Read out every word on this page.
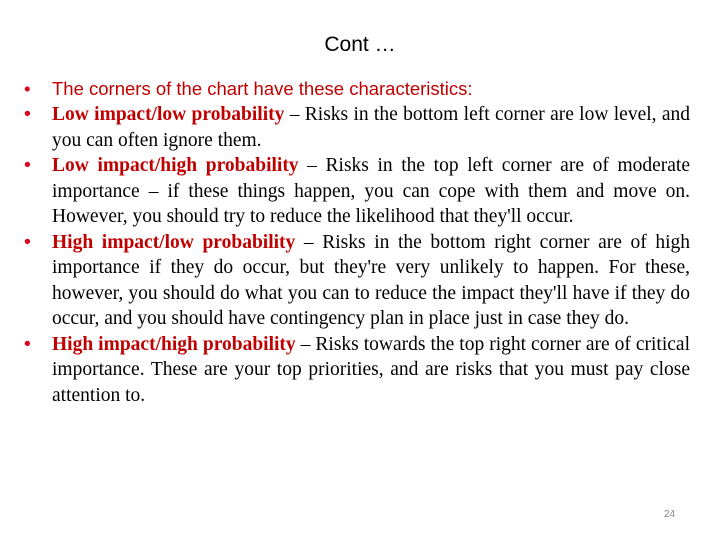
Cont …
• The corners of the chart have these characteristics:
• Low impact/low probability – Risks in the bottom left corner are low level, and you can often ignore them.
• Low impact/high probability – Risks in the top left corner are of moderate importance – if these things happen, you can cope with them and move on. However, you should try to reduce the likelihood that they'll occur.
• High impact/low probability – Risks in the bottom right corner are of high importance if they do occur, but they're very unlikely to happen. For these, however, you should do what you can to reduce the impact they'll have if they do occur, and you should have contingency plan in place just in case they do.
• High impact/high probability – Risks towards the top right corner are of critical importance. These are your top priorities, and are risks that you must pay close attention to.
24
